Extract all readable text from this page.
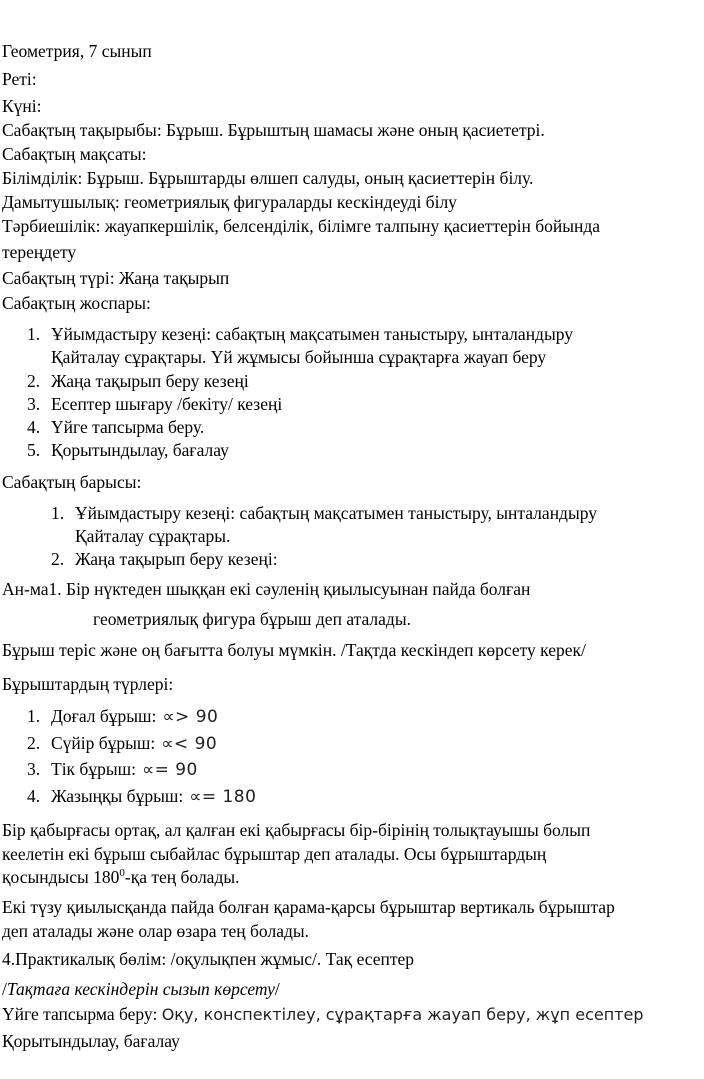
Геометрия, 7 сынып
Реті:
Күні:
Сабақтың тақырыбы: Бұрыш. Бұрыштың шамасы және оның қасиететрі.
Сабақтың мақсаты:
Білімділік: Бұрыш. Бұрыштарды өлшеп салуды, оның қасиеттерін білу.
Дамытушылық: геометриялық фигураларды кескіндеуді білу
Тәрбиешілік: жауапкершілік, белсенділік, білімге талпыну қасиеттерін бойында
тереңдету
Сабақтың түрі: Жаңа тақырып
Сабақтың жоспары:
1. Ұйымдастыру кезеңі: сабақтың мақсатымен таныстыру, ынталандыру
Қайталау сұрақтары. Үй жұмысы бойынша сұрақтарға жауап беру
2. Жаңа тақырып беру кезеңі
3. Есептер шығару /бекіту/ кезеңі
4. Үйге тапсырма беру.
5. Қорытындылау, бағалау
Сабақтың барысы:
1. Ұйымдастыру кезеңі: сабақтың мақсатымен таныстыру, ынталандыру
Қайталау сұрақтары.
2. Жаңа тақырып беру кезеңі:
Ан-ма1. Бір нүктеден шыққан екі сәуленің қиылысуынан пайда болған
геометриялық фигура бұрыш деп аталады.
Бұрыш теріс және оң бағытта болуы мүмкін. /Тақтда кескіндеп көрсету керек/
Бұрыштардың түрлері:
1. Доғал бұрыш: ∝> 90
2. Сүйір бұрыш: ∝< 90
3. Тік бұрыш: ∝= 90
4. Жазыңқы бұрыш: ∝= 180
Бір қабырғасы ортақ, ал қалған екі қабырғасы бір-бірінің толықтауышы болып
кеелетін екі бұрыш сыбайлас бұрыштар деп аталады. Осы бұрыштардың
қосындысы $180^0-қа$ тең болады.
Екі түзу қиылысқанда пайда болған қарама-қарсы бұрыштар вертикаль бұрыштар
деп аталады және олар өзара тең болады.
4.Практикалық бөлім: /оқулықпен жұмыс/. Тақ есептер
/Тақтаға кескіндерін сызып көрсету/
Үйге тапсырма беру: Оқу, конспектілеу, сұрақтарға жауап беру, жұп есептер
Қорытындылау, бағалау
